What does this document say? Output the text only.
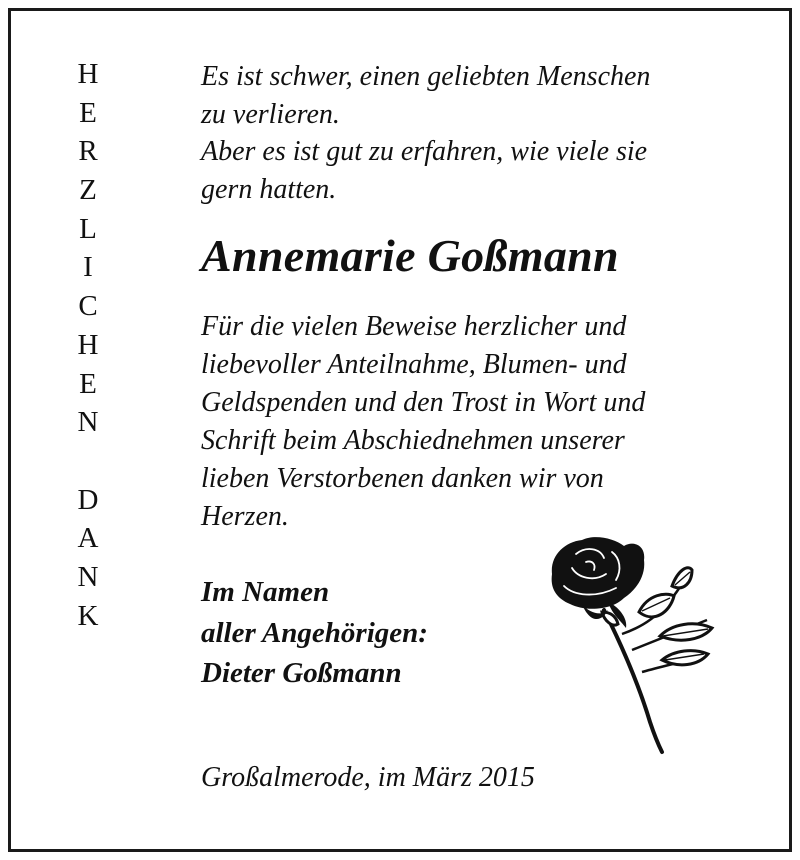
H
E
R
Z
L
I
C
H
E
N
D
A
N
K
Es ist schwer, einen geliebten Menschen
zu verlieren.
Aber es ist gut zu erfahren, wie viele sie
gern hatten.
Annemarie Goßmann
Für die vielen Beweise herzlicher und
liebevoller Anteilnahme, Blumen- und
Geldspenden und den Trost in Wort und
Schrift beim Abschiednehmen unserer
lieben Verstorbenen danken wir von
Herzen.
Im Namen
aller Angehörigen:
Dieter Goßmann
Großalmerode, im März 2015
